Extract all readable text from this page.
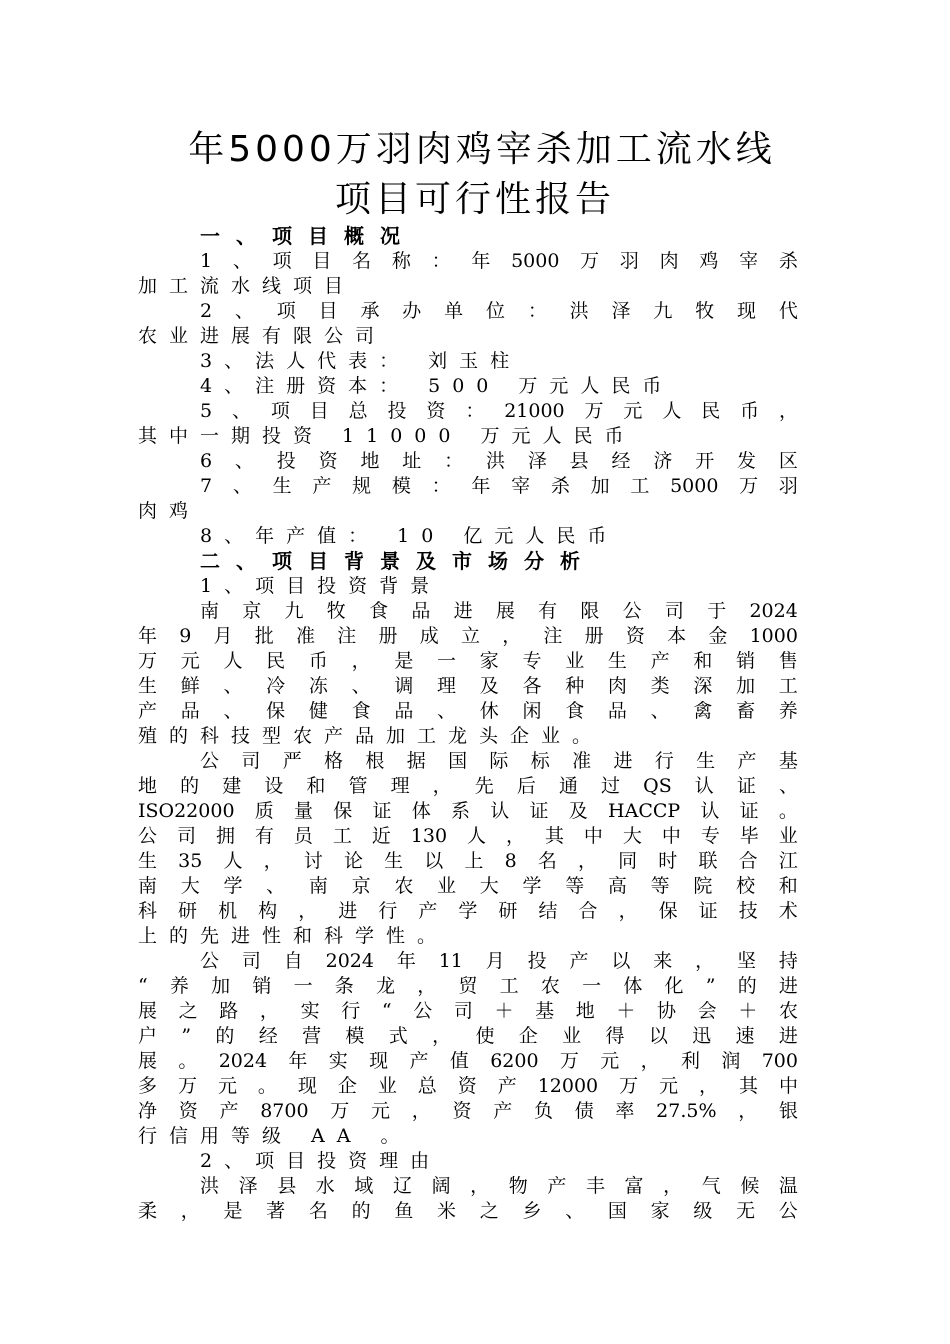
年5000万羽肉鸡宰杀加工流水线
项目可行性报告
一、项目概况
1 、 项 目 名 称 ： 年 5000 万 羽 肉 鸡 宰 杀
加工流水线项目
2 、 项 目 承 办 单 位 ： 洪 泽 九 牧 现 代
农业进展有限公司
3、法人代表： 刘玉柱
4、注册资本： 500 万元人民币
5 、 项 目 总 投 资 ： 21000 万 元 人 民 币 ，
其中一期投资 11000 万元人民币
6 、 投 资 地 址 ： 洪 泽 县 经 济 开 发 区
7 、 生 产 规 模 ： 年 宰 杀 加 工 5000 万 羽
肉鸡
8、年产值： 10 亿元人民币
二、项目背景及市场分析
1、项目投资背景
南 京 九 牧 食 品 进 展 有 限 公 司 于 2024
年 9 月 批 准 注 册 成 立 ， 注 册 资 本 金 1000
万 元 人 民 币 ， 是 一 家 专 业 生 产 和 销 售
生 鲜 、 冷 冻 、 调 理 及 各 种 肉 类 深 加 工
产 品 、 保 健 食 品 、 休 闲 食 品 、 禽 畜 养
殖的科技型农产品加工龙头企业。
公 司 严 格 根 据 国 际 标 准 进 行 生 产 基
地 的 建 设 和 管 理 ， 先 后 通 过 QS 认 证 、
ISO22000 质 量 保 证 体 系 认 证 及 HACCP 认 证 。
公 司 拥 有 员 工 近 130 人 ， 其 中 大 中 专 毕 业
生 35 人 ， 讨 论 生 以 上 8 名 ， 同 时 联 合 江
南 大 学 、 南 京 农 业 大 学 等 高 等 院 校 和
科 研 机 构 ， 进 行 产 学 研 结 合 ， 保 证 技 术
上的先进性和科学性。
公 司 自 2024 年 11 月 投 产 以 来 ， 坚 持
“ 养 加 销 一 条 龙 ， 贸 工 农 一 体 化 ” 的 进
展 之 路 ， 实 行 “ 公 司 ＋ 基 地 ＋ 协 会 ＋ 农
户 ” 的 经 营 模 式 ， 使 企 业 得 以 迅 速 进
展 。 2024 年 实 现 产 值 6200 万 元 ， 利 润 700
多 万 元 。 现 企 业 总 资 产 12000 万 元 ， 其 中
净 资 产 8700 万 元 ， 资 产 负 债 率 27.5% ， 银
行信用等级 AA 。
2、项目投资理由
洪 泽 县 水 域 辽 阔 ， 物 产 丰 富 ， 气 候 温
柔 ， 是 著 名 的 鱼 米 之 乡 、 国 家 级 无 公
